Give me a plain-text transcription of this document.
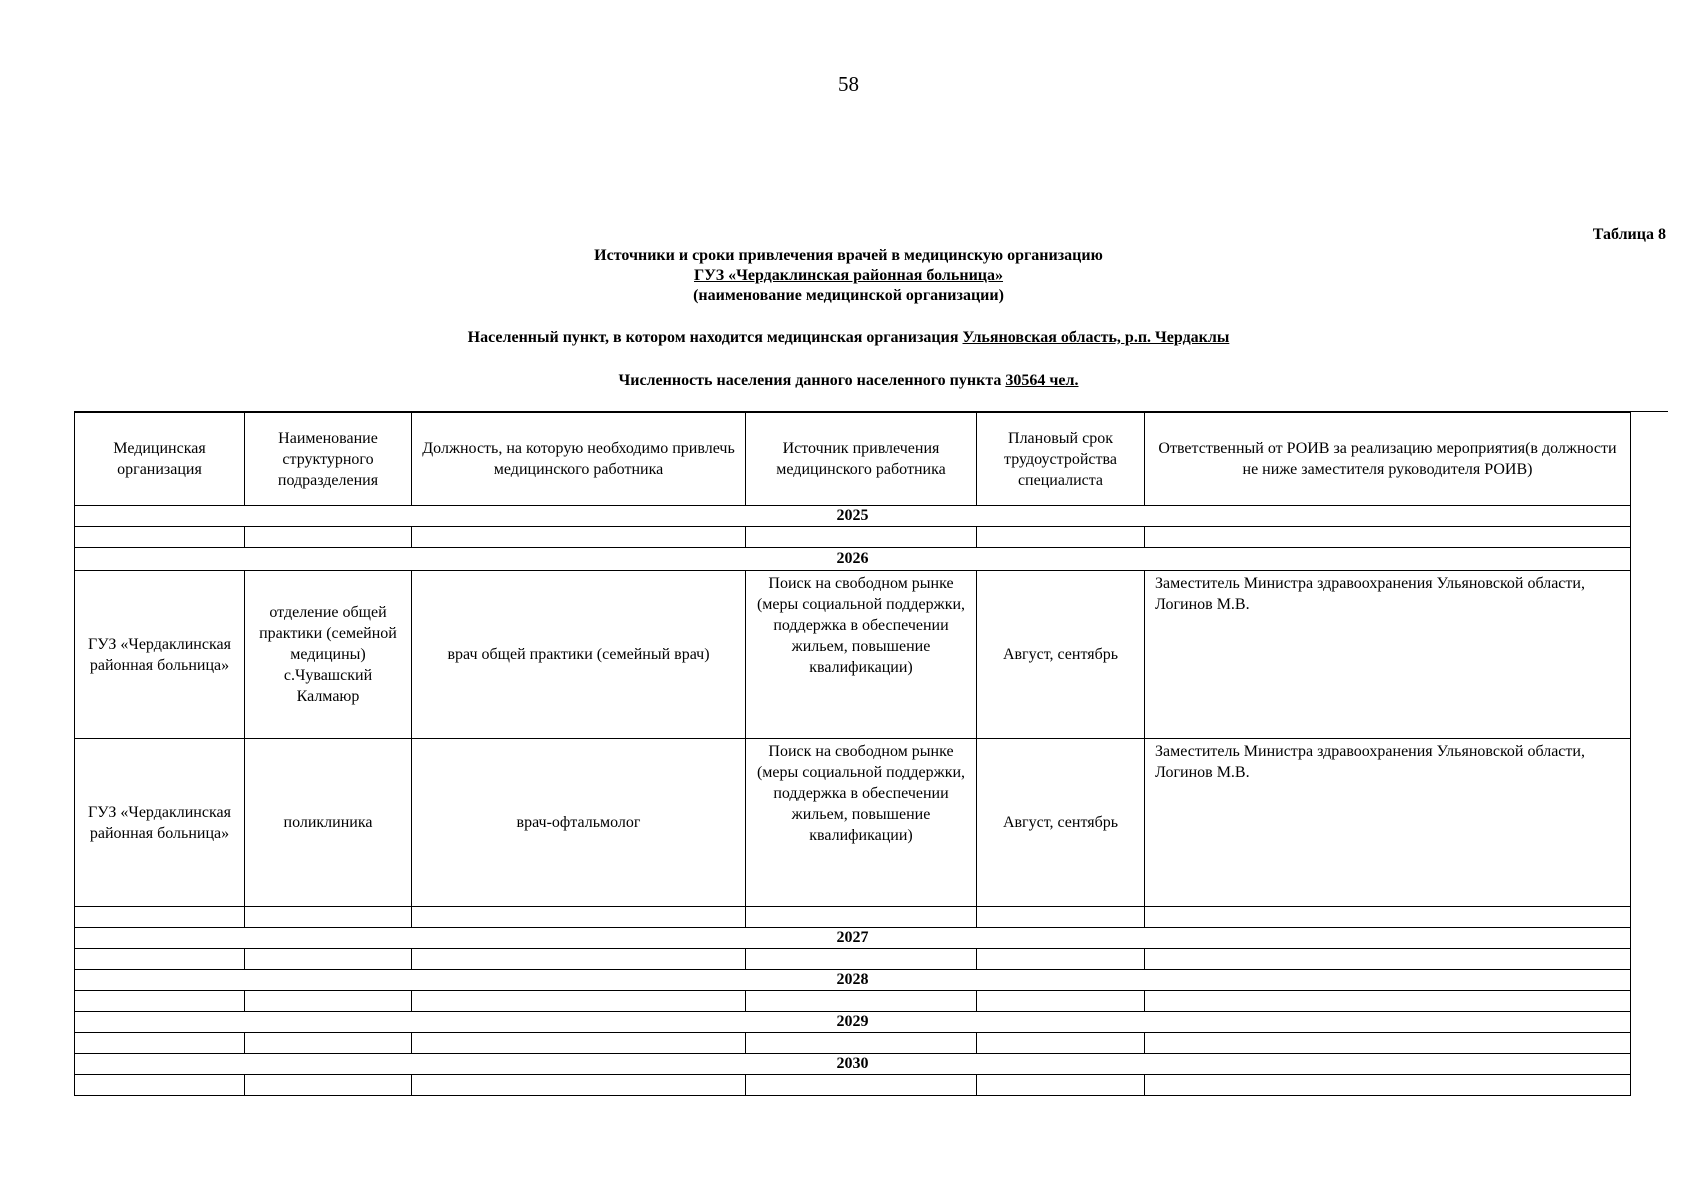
58
Таблица 8
Источники и сроки привлечения врачей в медицинскую организацию
ГУЗ «Чердаклинская районная больница»
(наименование медицинской организации)
Населенный пункт, в котором находится медицинская организация Ульяновская область, р.п. Чердаклы
Численность населения данного населенного пункта 30564 чел.
Медицинская организация	Наименование структурного подразделения	Должность, на которую необходимо привлечь медицинского работника	Источник привлечения медицинского работника	Плановый срок трудоустройства специалиста	Ответственный от РОИВ за реализацию мероприятия(в должности не ниже заместителя руководителя РОИВ)
2025					

2026					
ГУЗ «Чердаклинская районная больница»	отделение общей практики (семейной медицины) с.Чувашский Калмаюр	врач общей практики (семейный врач)	Поиск на свободном рынке (меры социальной поддержки, поддержка в обеспечении жильем, повышение квалификации)	Август, сентябрь	Заместитель Министра здравоохранения Ульяновской области, Логинов М.В.
ГУЗ «Чердаклинская районная больница»	поликлиника	врач-офтальмолог	Поиск на свободном рынке (меры социальной поддержки, поддержка в обеспечении жильем, повышение квалификации)	Август, сентябрь	Заместитель Министра здравоохранения Ульяновской области, Логинов М.В.

2027					

2028					

2029					

2030					
